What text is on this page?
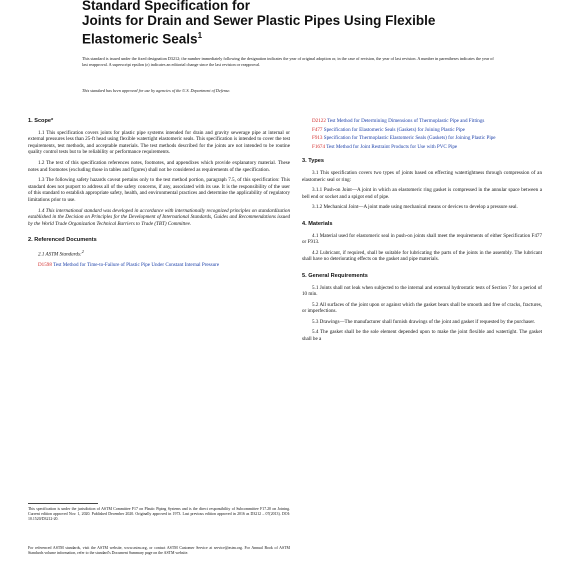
Standard Specification for
Joints for Drain and Sewer Plastic Pipes Using Flexible
Elastomeric Seals$^1$
This standard is issued under the fixed designation D3212; the number immediately following the designation indicates the year of original adoption or, in the case of revision, the year of last revision. A number in parentheses indicates the year of last reapproval. A superscript epsilon (ε) indicates an editorial change since the last revision or reapproval.
This standard has been approved for use by agencies of the U.S. Department of Defense.
1. Scope*
1.1 This specification covers joints for plastic pipe systems intended for drain and gravity sewerage pipe at internal or external pressures less than 25-ft head using flexible watertight elastomeric seals. This specification is intended to cover the test requirements, test methods, and acceptable materials. The test methods described for the joints are not intended to be routine quality control tests but to be reliability or performance requirements.
1.2 The text of this specification references notes, footnotes, and appendixes which provide explanatory material. These notes and footnotes (excluding those in tables and figures) shall not be considered as requirements of the specification.
1.3 The following safety hazards caveat pertains only to the test method portion, paragraph 7.5, of this specification: This standard does not purport to address all of the safety concerns, if any, associated with its use. It is the responsibility of the user of this standard to establish appropriate safety, health, and environmental practices and determine the applicability of regulatory limitations prior to use.
1.4 This international standard was developed in accordance with internationally recognized principles on standardization established in the Decision on Principles for the Development of International Standards, Guides and Recommendations issued by the World Trade Organization Technical Barriers to Trade (TBT) Committee.
2. Referenced Documents
2.1 ASTM Standards:$^2$
D1598 Test Method for Time-to-Failure of Plastic Pipe Under Constant Internal Pressure
D2122 Test Method for Determining Dimensions of Thermoplastic Pipe and Fittings
F477 Specification for Elastomeric Seals (Gaskets) for Joining Plastic Pipe
F913 Specification for Thermoplastic Elastomeric Seals (Gaskets) for Joining Plastic Pipe
F1674 Test Method for Joint Restraint Products for Use with PVC Pipe
3. Types
3.1 This specification covers two types of joints based on effecting watertightness through compression of an elastomeric seal or ring:
3.1.1 Push-on Joint—A joint in which an elastomeric ring gasket is compressed in the annular space between a bell end or socket and a spigot end of pipe.
3.1.2 Mechanical Joint—A joint made using mechanical means or devices to develop a pressure seal.
4. Materials
4.1 Material used for elastomeric seal in push-on joints shall meet the requirements of either Specification F477 or F913.
4.2 Lubricant, if required, shall be suitable for lubricating the parts of the joints in the assembly. The lubricant shall have no deteriorating effects on the gasket and pipe materials.
5. General Requirements
5.1 Joints shall not leak when subjected to the internal and external hydrostatic tests of Section 7 for a period of 10 min.
5.2 All surfaces of the joint upon or against which the gasket bears shall be smooth and free of cracks, fractures, or imperfections.
5.3 Drawings—The manufacturer shall furnish drawings of the joint and gasket if requested by the purchaser.
5.4 The gasket shall be the sole element depended upon to make the joint flexible and watertight. The gasket shall be a
This specification is under the jurisdiction of ASTM Committee F17 on Plastic Piping Systems and is the direct responsibility of Subcommittee F17.20 on Joining. Current edition approved Nov. 1, 2020. Published December 2020. Originally approved in 1973. Last previous edition approved in 2016 as D3212 – 07(2013). DOI: 10.1520/D3212-20.
For referenced ASTM standards, visit the ASTM website, www.astm.org, or contact ASTM Customer Service at service@astm.org. For Annual Book of ASTM Standards volume information, refer to the standard's Document Summary page on the ASTM website.
